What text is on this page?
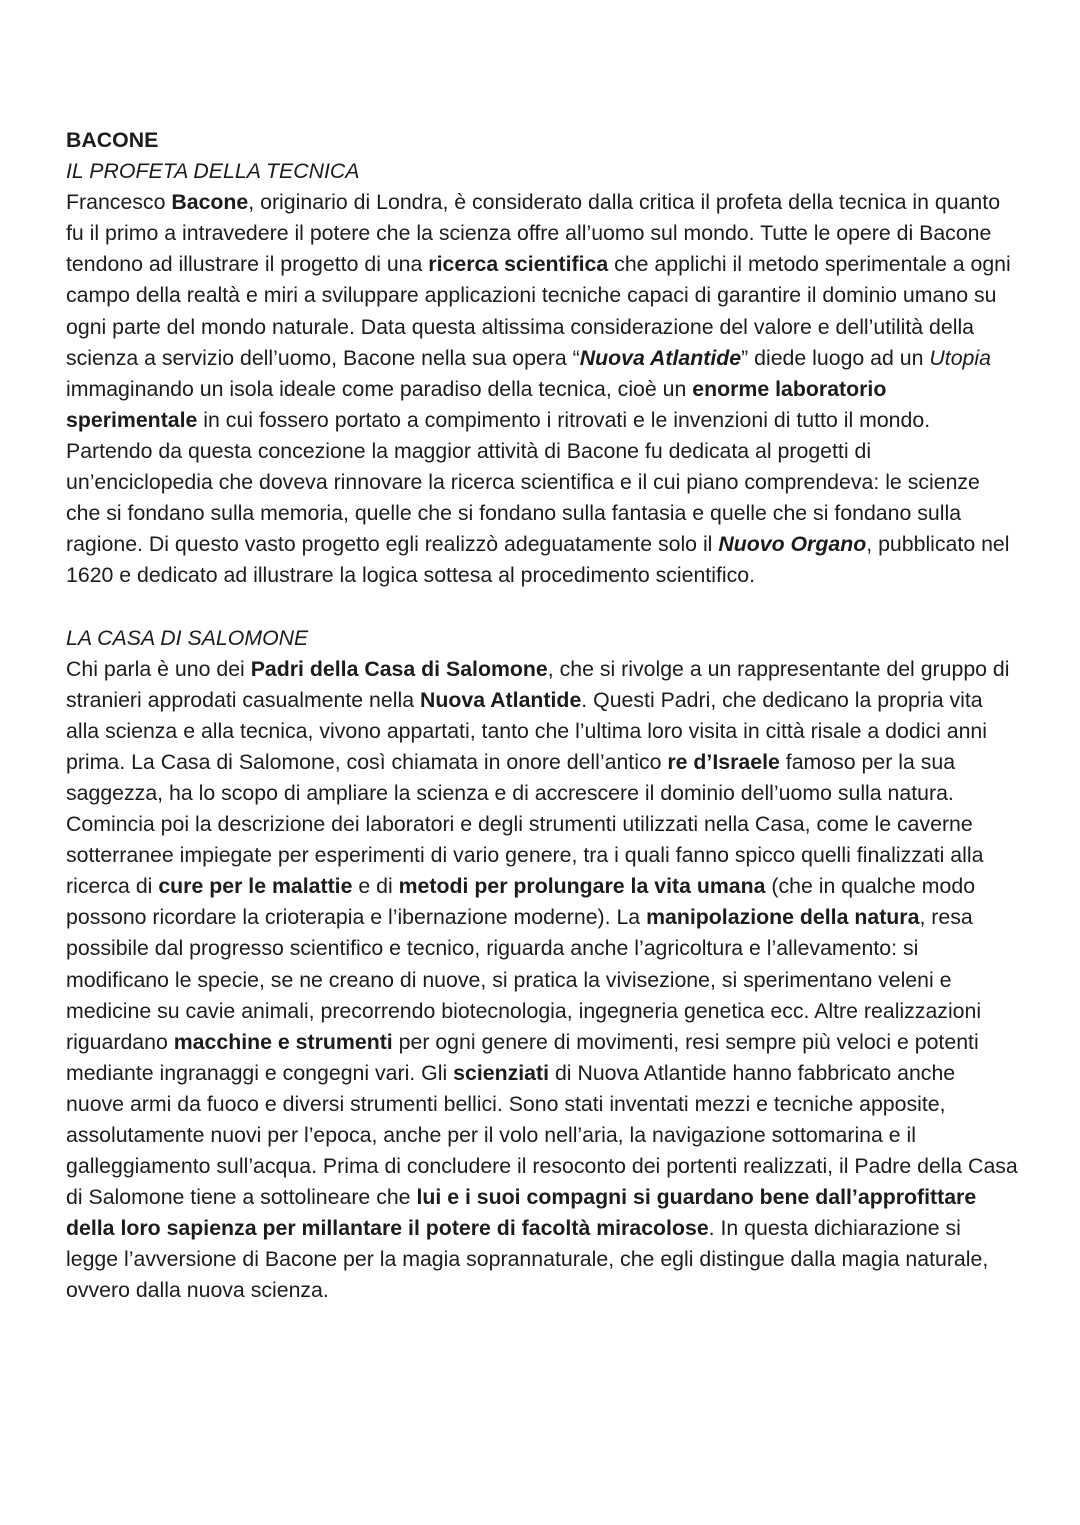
BACONE

IL PROFETA DELLA TECNICA

Francesco Bacone, originario di Londra, è considerato dalla critica il profeta della tecnica in quanto fu il primo a intravedere il potere che la scienza offre all’uomo sul mondo. Tutte le opere di Bacone tendono ad illustrare il progetto di una ricerca scientifica che applichi il metodo sperimentale a ogni campo della realtà e miri a sviluppare applicazioni tecniche capaci di garantire il dominio umano su ogni parte del mondo naturale. Data questa altissima considerazione del valore e dell’utilità della scienza a servizio dell’uomo, Bacone nella sua opera “Nuova Atlantide” diede luogo ad un Utopia immaginando un isola ideale come paradiso della tecnica, cioè un enorme laboratorio sperimentale in cui fossero portato a compimento i ritrovati e le invenzioni di tutto il mondo. Partendo da questa concezione la maggior attività di Bacone fu dedicata al progetti di un’enciclopedia che doveva rinnovare la ricerca scientifica e il cui piano comprendeva: le scienze che si fondano sulla memoria, quelle che si fondano sulla fantasia e quelle che si fondano sulla ragione. Di questo vasto progetto egli realizzò adeguatamente solo il Nuovo Organo, pubblicato nel 1620 e dedicato ad illustrare la logica sottesa al procedimento scientifico.

LA CASA DI SALOMONE

Chi parla è uno dei Padri della Casa di Salomone, che si rivolge a un rappresentante del gruppo di stranieri approdati casualmente nella Nuova Atlantide. Questi Padri, che dedicano la propria vita alla scienza e alla tecnica, vivono appartati, tanto che l’ultima loro visita in città risale a dodici anni prima. La Casa di Salomone, così chiamata in onore dell’antico re d’Israele famoso per la sua saggezza, ha lo scopo di ampliare la scienza e di accrescere il dominio dell’uomo sulla natura. Comincia poi la descrizione dei laboratori e degli strumenti utilizzati nella Casa, come le caverne sotterranee impiegate per esperimenti di vario genere, tra i quali fanno spicco quelli finalizzati alla ricerca di cure per le malattie e di metodi per prolungare la vita umana (che in qualche modo possono ricordare la crioterapia e l’ibernazione moderne). La manipolazione della natura, resa possibile dal progresso scientifico e tecnico, riguarda anche l’agricoltura e l’allevamento: si modificano le specie, se ne creano di nuove, si pratica la vivisezione, si sperimentano veleni e medicine su cavie animali, precorrendo biotecnologia, ingegneria genetica ecc. Altre realizzazioni riguardano macchine e strumenti per ogni genere di movimenti, resi sempre più veloci e potenti mediante ingranaggi e congegni vari. Gli scienziati di Nuova Atlantide hanno fabbricato anche nuove armi da fuoco e diversi strumenti bellici. Sono stati inventati mezzi e tecniche apposite, assolutamente nuovi per l’epoca, anche per il volo nell’aria, la navigazione sottomarina e il galleggiamento sull’acqua. Prima di concludere il resoconto dei portenti realizzati, il Padre della Casa di Salomone tiene a sottolineare che lui e i suoi compagni si guardano bene dall’approfittare della loro sapienza per millantare il potere di facoltà miracolose. In questa dichiarazione si legge l’avversione di Bacone per la magia soprannaturale, che egli distingue dalla magia naturale, ovvero dalla nuova scienza.
